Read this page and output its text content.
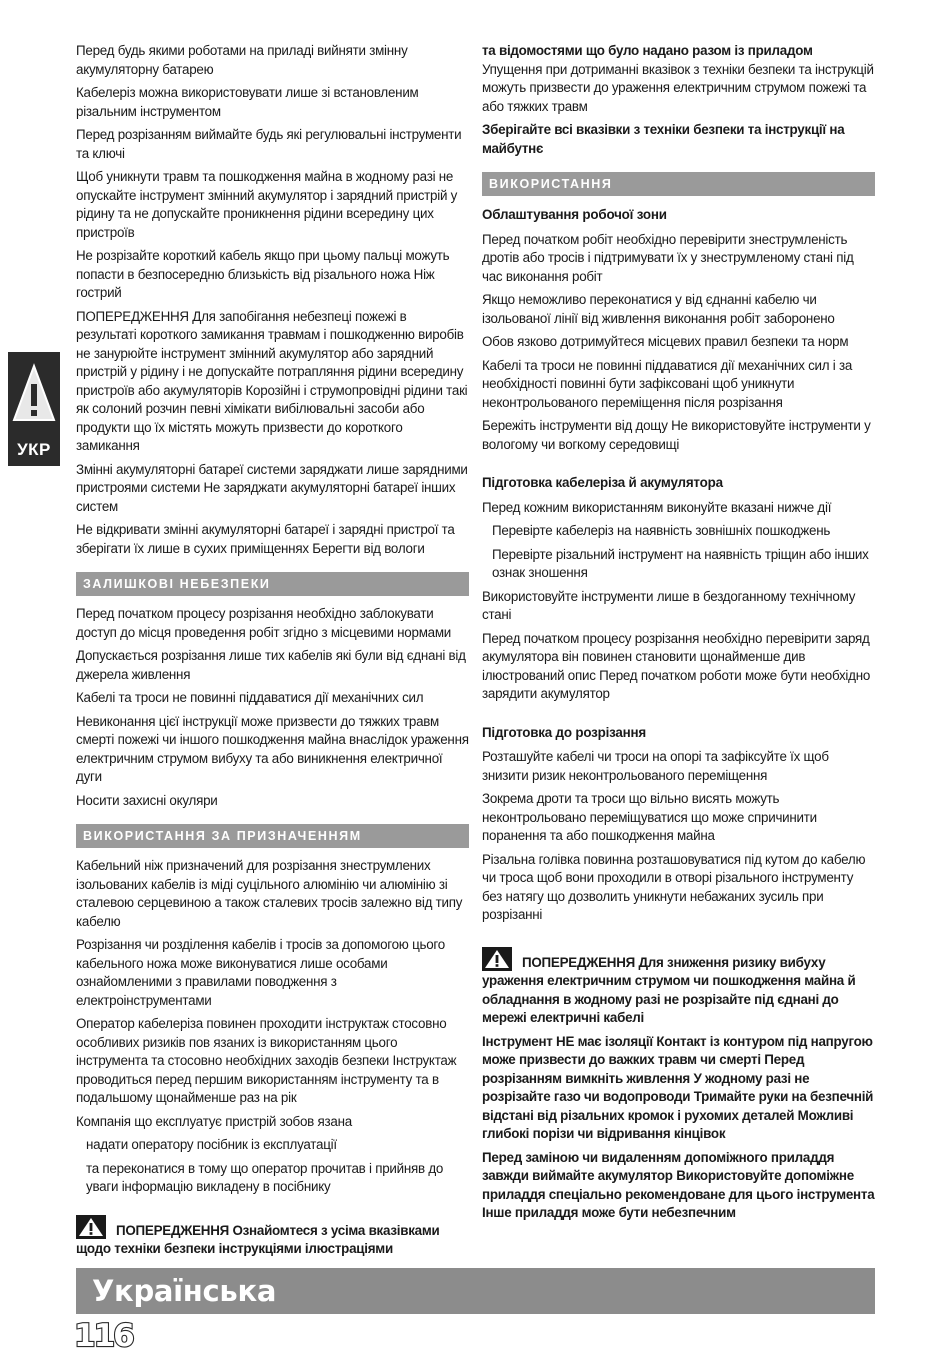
УКР

Перед будь якими роботами на приладі вийняти змінну акумуляторну батарею

Кабелеріз можна використовувати лише зі встановленим різальним інструментом

Перед розрізанням виймайте будь які регулювальні інструменти та ключі

Щоб уникнути травм та пошкодження майна в жодному разі не опускайте інструмент змінний акумулятор і зарядний пристрій у рідину та не допускайте проникнення рідини всередину цих пристроїв

Не розрізайте короткий кабель якщо при цьому пальці можуть попасти в безпосередню близькість від різального ножа Ніж гострий

ПОПЕРЕДЖЕННЯ Для запобігання небезпеці пожежі в результаті короткого замикання травмам і пошкодженню виробів не занурюйте інструмент змінний акумулятор або зарядний пристрій у рідину і не допускайте потрапляння рідини всередину пристроїв або акумуляторів Корозійні і струмопровідні рідини такі як солоний розчин певні хімікати вибілювальні засоби або продукти що їх містять можуть призвести до короткого замикання

Змінні акумуляторні батареї системи заряджати лише зарядними пристроями системи Не заряджати акумуляторні батареї інших систем

Не відкривати змінні акумуляторні батареї і зарядні пристрої та зберігати їх лише в сухих приміщеннях Берегти від вологи

ЗАЛИШКОВІ НЕБЕЗПЕКИ

Перед початком процесу розрізання необхідно заблокувати доступ до місця проведення робіт згідно з місцевими нормами

Допускається розрізання лише тих кабелів які були від єднані від джерела живлення

Кабелі та троси не повинні піддаватися дії механічних сил

Невиконання цієї інструкції може призвести до тяжких травм смерті пожежі чи іншого пошкодження майна внаслідок ураження електричним струмом вибуху та або виникнення електричної дуги

Носити захисні окуляри

ВИКОРИСТАННЯ ЗА ПРИЗНАЧЕННЯМ

Кабельний ніж призначений для розрізання знеструмлених ізольованих кабелів із міді суцільного алюмінію чи алюмінію зі сталевою серцевиною а також сталевих тросів залежно від типу кабелю

Розрізання чи розділення кабелів і тросів за допомогою цього кабельного ножа може виконуватися лише особами ознайомленими з правилами поводження з електроінструментами

Оператор кабелеріза повинен проходити інструктаж стосовно особливих ризиків пов язаних із використанням цього інструмента та стосовно необхідних заходів безпеки Інструктаж проводиться перед першим використанням інструменту та в подальшому щонайменше раз на рік

Компанія що експлуатує пристрій зобов язана

надати оператору посібник із експлуатації

та переконатися в тому що оператор прочитав і прийняв до уваги інформацію викладену в посібнику

ПОПЕРЕДЖЕННЯ Ознайомтеся з усіма вказівками щодо техніки безпеки інструкціями ілюстраціями

та відомостями що було надано разом із приладом

Упущення при дотриманні вказівок з техніки безпеки та інструкцій можуть призвести до ураження електричним струмом пожежі та або тяжких травм

Зберігайте всі вказівки з техніки безпеки та інструкції на майбутнє

ВИКОРИСТАННЯ
Облаштування робочої зони

Перед початком робіт необхідно перевірити знеструмленість дротів або тросів і підтримувати їх у знеструмленому стані під час виконання робіт

Якщо неможливо переконатися у від єднанні кабелю чи ізольованої лінії від живлення виконання робіт заборонено

Обов язково дотримуйтеся місцевих правил безпеки та норм

Кабелі та троси не повинні піддаватися дії механічних сил і за необхідності повинні бути зафіксовані щоб уникнути неконтрольованого переміщення після розрізання

Бережіть інструменти від дощу Не використовуйте інструменти у вологому чи вогкому середовищі

Підготовка кабелеріза й акумулятора

Перед кожним використанням виконуйте вказані нижче дії

Перевірте кабелеріз на наявність зовнішніх пошкоджень

Перевірте різальний інструмент на наявність тріщин або інших ознак зношення

Використовуйте інструменти лише в бездоганному технічному стані

Перед початком процесу розрізання необхідно перевірити заряд акумулятора він повинен становити щонайменше див ілюстрований опис Перед початком роботи може бути необхідно зарядити акумулятор

Підготовка до розрізання

Розташуйте кабелі чи троси на опорі та зафіксуйте їх щоб знизити ризик неконтрольованого переміщення

Зокрема дроти та троси що вільно висять можуть неконтрольовано переміщуватися що може спричинити поранення та або пошкодження майна

Різальна голівка повинна розташовуватися під кутом до кабелю чи троса щоб вони проходили в отворі різального інструменту без натягу що дозволить уникнути небажаних зусиль при розрізанні

ПОПЕРЕДЖЕННЯ Для зниження ризику вибуху ураження електричним струмом чи пошкодження майна й обладнання в жодному разі не розрізайте під єднані до мережі електричні кабелі

Інструмент НЕ має ізоляції Контакт із контуром під напругою може призвести до важких травм чи смерті Перед розрізанням вимкніть живлення У жодному разі не розрізайте газо чи водопроводи Тримайте руки на безпечній відстані від різальних кромок і рухомих деталей Можливі глибокі порізи чи відривання кінцівок

Перед заміною чи видаленням допоміжного приладдя завжди виймайте акумулятор Використовуйте допоміжне приладдя спеціально рекомендоване для цього інструмента Інше приладдя може бути небезпечним

Українська
116
